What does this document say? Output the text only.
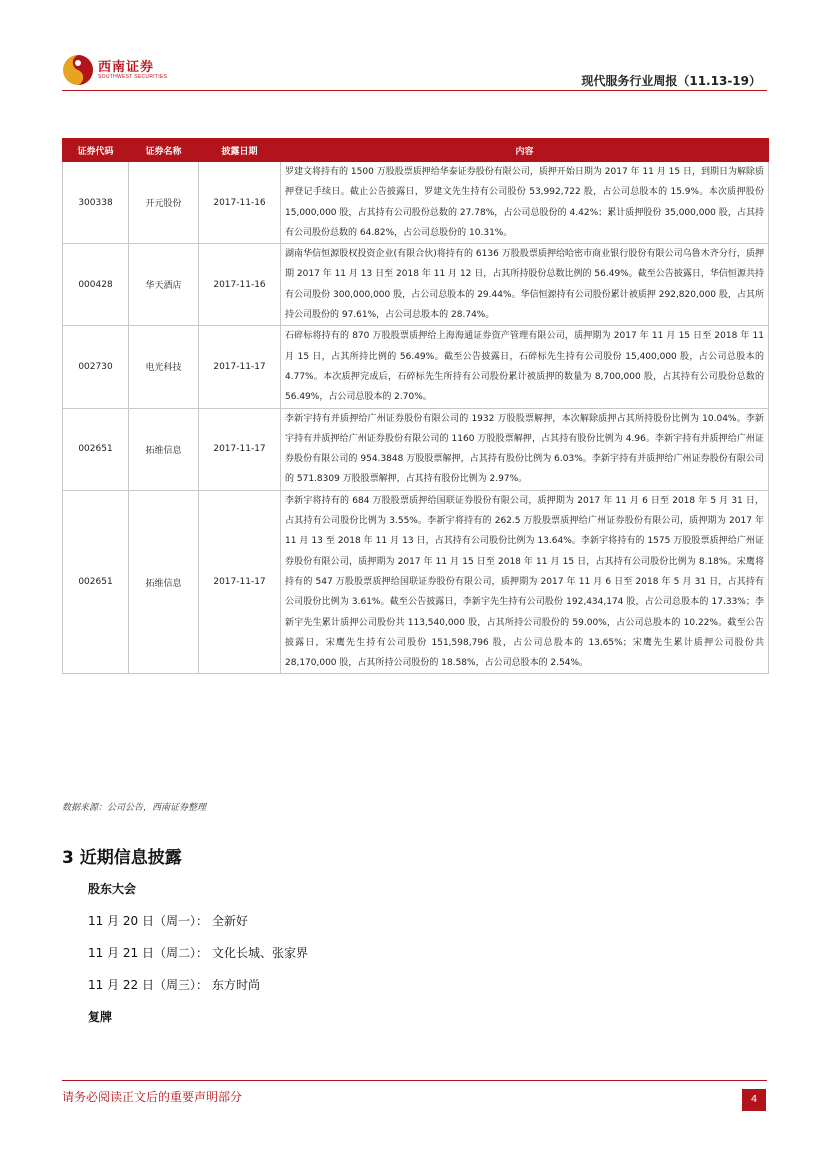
西南证券
SOUTHWEST SECURITIES	现代服务行业周报（11.13-19）
证券代码	证券名称	披露日期	内容
300338	开元股份	2017-11-16	罗建文将持有的 1500 万股股票质押给华泰证券股份有限公司，质押开始日期为 2017 年 11 月 15 日，到期日为解除质押登记手续日。截止公告披露日，罗建文先生持有公司股份 53,992,722 股，占公司总股本的 15.9%。本次质押股份 15,000,000 股，占其持有公司股份总数的 27.78%，占公司总股份的 4.42%；累计质押股份 35,000,000 股，占其持有公司股份总数的 64.82%，占公司总股份的 10.31%。
000428	华天酒店	2017-11-16	湖南华信恒源股权投资企业(有限合伙)将持有的 6136 万股股票质押给哈密市商业银行股份有限公司乌鲁木齐分行，质押期 2017 年 11 月 13 日至 2018 年 11 月 12 日，占其所持股份总数比例的 56.49%。截至公告披露日，华信恒源共持有公司股份 300,000,000 股，占公司总股本的 29.44%。华信恒源持有公司股份累计被质押 292,820,000 股，占其所持公司股份的 97.61%，占公司总股本的 28.74%。
002730	电光科技	2017-11-17	石碎标将持有的 870 万股股票质押给上海海通证券资产管理有限公司，质押期为 2017 年 11 月 15 日至 2018 年 11 月 15 日，占其所持比例的 56.49%。截至公告披露日，石碎标先生持有公司股份 15,400,000 股，占公司总股本的 4.77%。本次质押完成后，石碎标先生所持有公司股份累计被质押的数量为 8,700,000 股，占其持有公司股份总数的 56.49%，占公司总股本的 2.70%。
002651	拓维信息	2017-11-17	李新宇持有并质押给广州证券股份有限公司的 1932 万股股票解押，本次解除质押占其所持股份比例为 10.04%。李新宇持有并质押给广州证券股份有限公司的 1160 万股股票解押，占其持有股份比例为 4.96。李新宇持有并质押给广州证券股份有限公司的 954.3848 万股股票解押，占其持有股份比例为 6.03%。李新宇持有并质押给广州证券股份有限公司的 571.8309 万股股票解押，占其持有股份比例为 2.97%。
002651	拓维信息	2017-11-17	李新宇将持有的 684 万股股票质押给国联证券股份有限公司，质押期为 2017 年 11 月 6 日至 2018 年 5 月 31 日，占其持有公司股份比例为 3.55%。李新宇将持有的 262.5 万股股票质押给广州证券股份有限公司，质押期为 2017 年 11 月 13 至 2018 年 11 月 13 日，占其持有公司股份比例为 13.64%。李新宇将持有的 1575 万股股票质押给广州证券股份有限公司，质押期为 2017 年 11 月 15 日至 2018 年 11 月 15 日，占其持有公司股份比例为 8.18%。宋鹰将持有的 547 万股股票质押给国联证券股份有限公司，质押期为 2017 年 11 月 6 日至 2018 年 5 月 31 日，占其持有公司股份比例为 3.61%。截至公告披露日，李新宇先生持有公司股份 192,434,174 股，占公司总股本的 17.33%；李新宇先生累计质押公司股份共 113,540,000 股，占其所持公司股份的 59.00%，占公司总股本的 10.22%。截至公告披露日，宋鹰先生持有公司股份 151,598,796 股，占公司总股本的 13.65%；宋鹰先生累计质押公司股份共 28,170,000 股，占其所持公司股份的 18.58%，占公司总股本的 2.54%。
数据来源：公司公告，西南证券整理
3 近期信息披露
股东大会
11 月 20 日（周一）： 全新好
11 月 21 日（周二）： 文化长城、张家界
11 月 22 日（周三）： 东方时尚
复牌
请务必阅读正文后的重要声明部分	4
